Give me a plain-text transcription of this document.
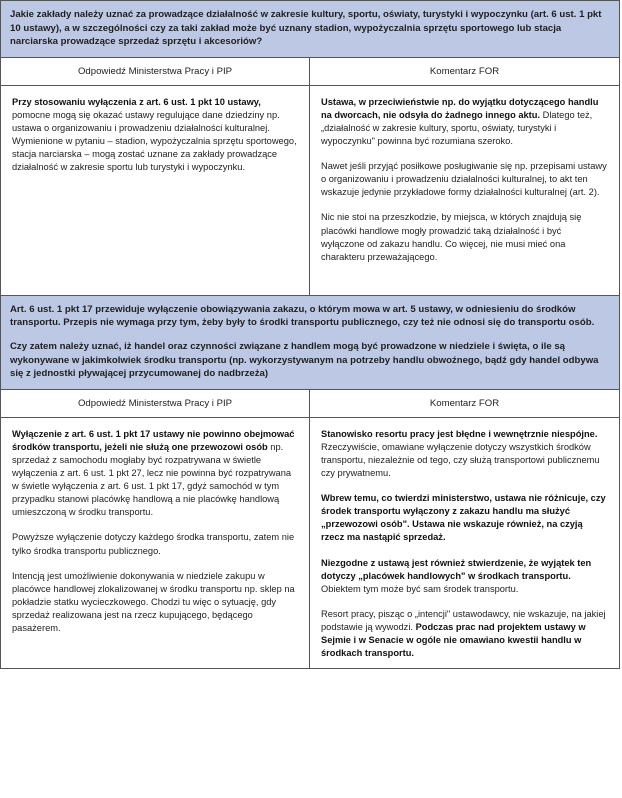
Jakie zakłady należy uznać za prowadzące działalność w zakresie kultury, sportu, oświaty, turystyki i wypoczynku (art. 6 ust. 1 pkt 10 ustawy), a w szczególności czy za taki zakład może być uznany stadion, wypożyczalnia sprzętu sportowego lub stacja narciarska prowadzące sprzedaż sprzętu i akcesoriów?

Odpowiedź Ministerstwa Pracy i PIP	Komentarz FOR

Przy stosowaniu wyłączenia z art. 6 ust. 1 pkt 10 ustawy, pomocne mogą się okazać ustawy regulujące dane dziedziny np. ustawa o organizowaniu i prowadzeniu działalności kulturalnej. Wymienione w pytaniu – stadion, wypożyczalnia sprzętu sportowego, stacja narciarska – mogą zostać uznane za zakłady prowadzące działalność w zakresie sportu lub turystyki i wypoczynku.

Ustawa, w przeciwieństwie np. do wyjątku dotyczącego handlu na dworcach, nie odsyła do żadnego innego aktu. Dlatego też, „działalność w zakresie kultury, sportu, oświaty, turystyki i wypoczynku" powinna być rozumiana szeroko.

Nawet jeśli przyjąć posiłkowe posługiwanie się np. przepisami ustawy o organizowaniu i prowadzeniu działalności kulturalnej, to akt ten wskazuje jedynie przykładowe formy działalności kulturalnej (art. 2).

Nic nie stoi na przeszkodzie, by miejsca, w których znajdują się placówki handlowe mogły prowadzić taką działalność i być wyłączone od zakazu handlu. Co więcej, nie musi mieć ona charakteru przeważającego.

Art. 6 ust. 1 pkt 17 przewiduje wyłączenie obowiązywania zakazu, o którym mowa w art. 5 ustawy, w odniesieniu do środków transportu. Przepis nie wymaga przy tym, żeby były to środki transportu publicznego, czy też nie odnosi się do transportu osób.

Czy zatem należy uznać, iż handel oraz czynności związane z handlem mogą być prowadzone w niedziele i święta, o ile są wykonywane w jakimkolwiek środku transportu (np. wykorzystywanym na potrzeby handlu obwoźnego, bądź gdy handel odbywa się z jednostki pływającej przycumowanej do nadbrzeża)

Odpowiedź Ministerstwa Pracy i PIP	Komentarz FOR

Wyłączenie z art. 6 ust. 1 pkt 17 ustawy nie powinno obejmować środków transportu, jeżeli nie służą one przewozowi osób np. sprzedaż z samochodu mogłaby być rozpatrywana w świetle wyłączenia z art. 6 ust. 1 pkt 27, lecz nie powinna być rozpatrywana w świetle wyłączenia z art. 6 ust. 1 pkt 17, gdyż samochód w tym przypadku stanowi placówkę handlową a nie placówkę handlową umieszczoną w środku transportu.

Powyższe wyłączenie dotyczy każdego środka transportu, zatem nie tylko środka transportu publicznego.

Intencją jest umożliwienie dokonywania w niedziele zakupu w placówce handlowej zlokalizowanej w środku transportu np. sklep na pokładzie statku wycieczkowego. Chodzi tu więc o sytuację, gdy sprzedaż realizowana jest na rzecz kupującego, będącego pasażerem.

Stanowisko resortu pracy jest błędne i wewnętrznie niespójne. Rzeczywiście, omawiane wyłączenie dotyczy wszystkich środków transportu, niezależnie od tego, czy służą transportowi publicznemu czy prywatnemu.

Wbrew temu, co twierdzi ministerstwo, ustawa nie różnicuje, czy środek transportu wyłączony z zakazu handlu ma służyć „przewozowi osób". Ustawa nie wskazuje również, na czyją rzecz ma nastąpić sprzedaż.

Niezgodne z ustawą jest również stwierdzenie, że wyjątek ten dotyczy „placówek handlowych" w środkach transportu. Obiektem tym może być sam środek transportu.

Resort pracy, pisząc o „intencji" ustawodawcy, nie wskazuje, na jakiej podstawie ją wywodzi. Podczas prac nad projektem ustawy w Sejmie i w Senacie w ogóle nie omawiano kwestii handlu w środkach transportu.
